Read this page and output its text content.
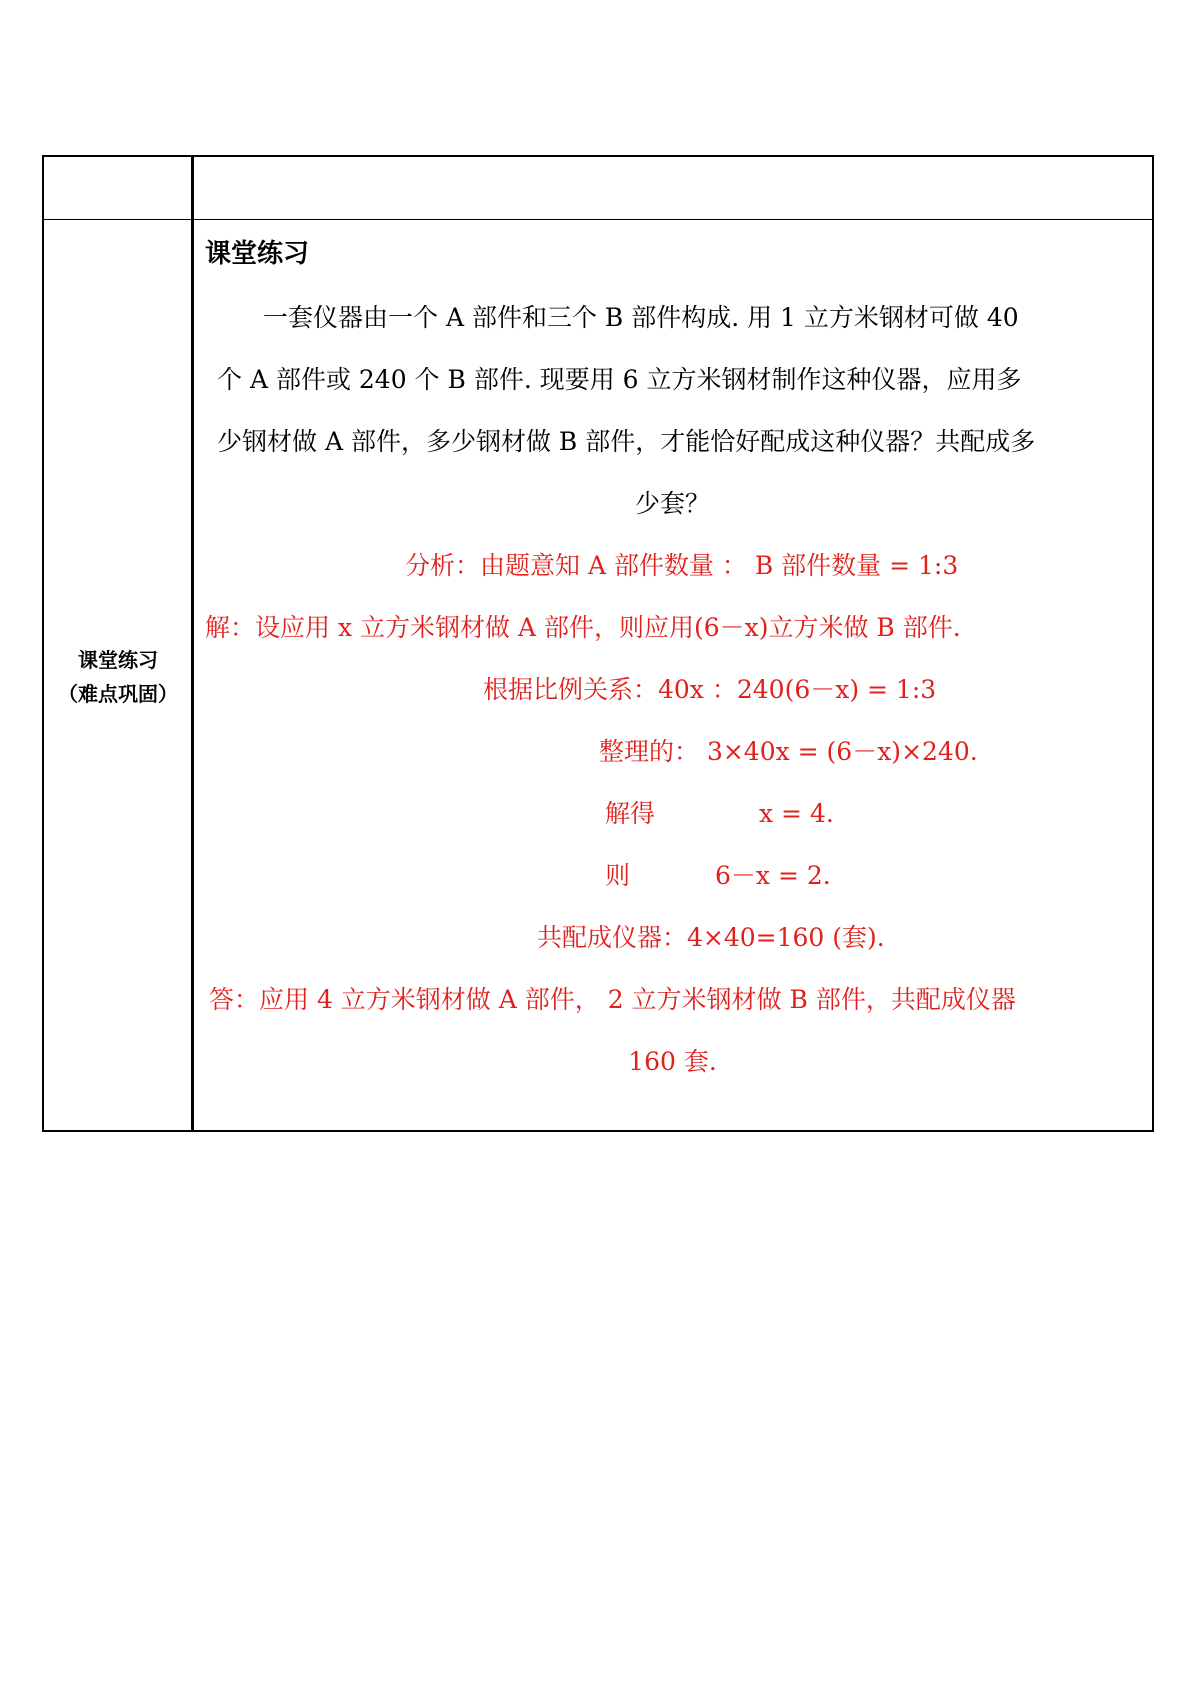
课堂练习
（难点巩固）
课堂练习
一套仪器由一个 A 部件和三个 B 部件构成. 用 1 立方米钢材可做 40
个 A 部件或 240 个 B 部件. 现要用 6 立方米钢材制作这种仪器，应用多
少钢材做 A 部件，多少钢材做 B 部件，才能恰好配成这种仪器？共配成多
少套？
分析：由题意知 A 部件数量 ： B 部件数量 = 1:3
解：设应用 x 立方米钢材做 A 部件，则应用(6－x)立方米做 B 部件.
根据比例关系：40x ：240(6－x) = 1:3
整理的： 3×40x = (6－x)×240.
解得	x = 4.
则	6－x = 2.
共配成仪器：4×40=160 (套).
答：应用 4 立方米钢材做 A 部件， 2 立方米钢材做 B 部件，共配成仪器
160 套.
